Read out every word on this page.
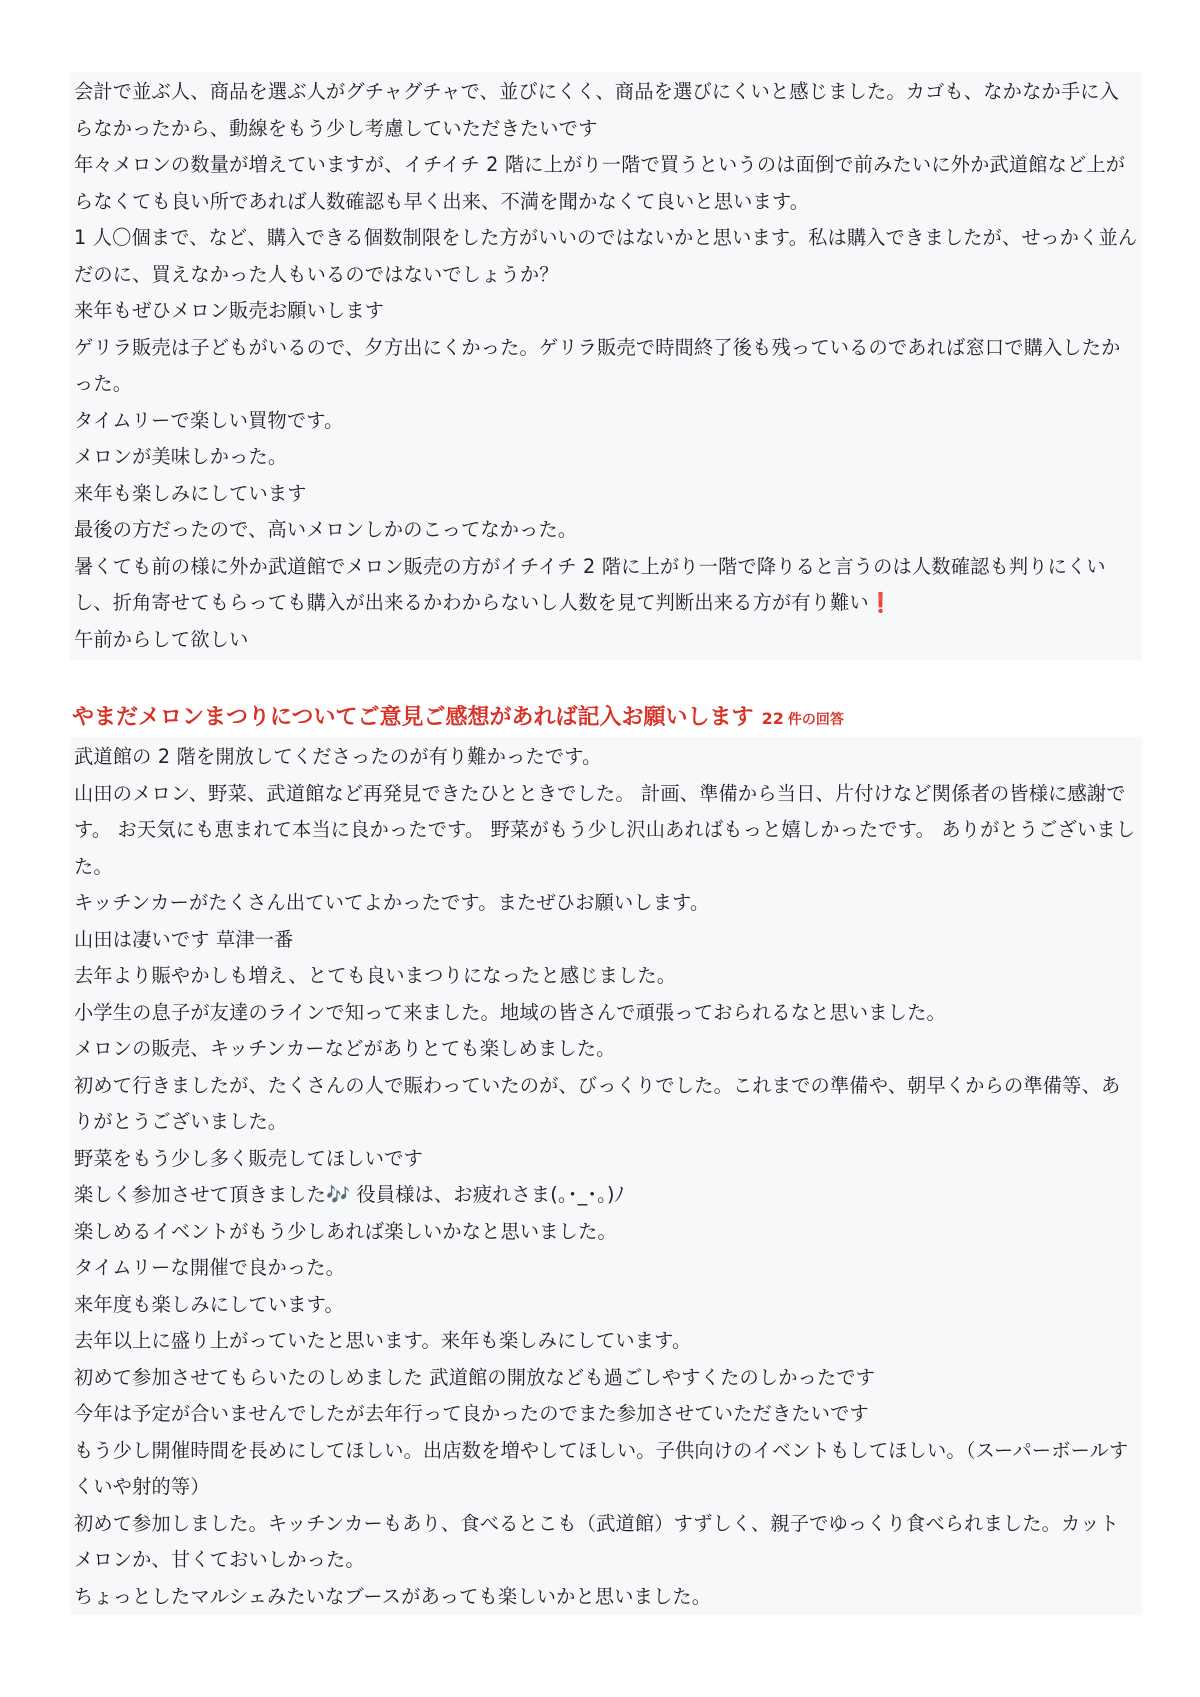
会計で並ぶ人、商品を選ぶ人がグチャグチャで、並びにくく、商品を選びにくいと感じました。カゴも、なかなか手に入らなかったから、動線をもう少し考慮していただきたいです

年々メロンの数量が増えていますが、イチイチ 2 階に上がり一階で買うというのは面倒で前みたいに外か武道館など上がらなくても良い所であれば人数確認も早く出来、不満を聞かなくて良いと思います。

1 人〇個まで、など、購入できる個数制限をした方がいいのではないかと思います。私は購入できましたが、せっかく並んだのに、買えなかった人もいるのではないでしょうか？

来年もぜひメロン販売お願いします

ゲリラ販売は子どもがいるので、夕方出にくかった。ゲリラ販売で時間終了後も残っているのであれば窓口で購入したかった。

タイムリーで楽しい買物です。

メロンが美味しかった。

来年も楽しみにしています

最後の方だったので、高いメロンしかのこってなかった。

暑くても前の様に外か武道館でメロン販売の方がイチイチ 2 階に上がり一階で降りると言うのは人数確認も判りにくいし、折角寄せてもらっても購入が出来るかわからないし人数を見て判断出来る方が有り難い❗

午前からして欲しい

やまだメロンまつりについてご意見ご感想があれば記入お願いします 22 件の回答

武道館の 2 階を開放してくださったのが有り難かったです。

山田のメロン、野菜、武道館など再発見できたひとときでした。 計画、準備から当日、片付けなど関係者の皆様に感謝です。 お天気にも恵まれて本当に良かったです。 野菜がもう少し沢山あればもっと嬉しかったです。 ありがとうございました。

キッチンカーがたくさん出ていてよかったです。またぜひお願いします。

山田は凄いです 草津一番

去年より賑やかしも増え、とても良いまつりになったと感じました。

小学生の息子が友達のラインで知って来ました。地域の皆さんで頑張っておられるなと思いました。

メロンの販売、キッチンカーなどがありとても楽しめました。

初めて行きましたが、たくさんの人で賑わっていたのが、びっくりでした。これまでの準備や、朝早くからの準備等、ありがとうございました。

野菜をもう少し多く販売してほしいです

楽しく参加させて頂きました🎶 役員様は、お疲れさま(｡･_･｡)ﾉ

楽しめるイベントがもう少しあれば楽しいかなと思いました。

タイムリーな開催で良かった。

来年度も楽しみにしています。

去年以上に盛り上がっていたと思います。来年も楽しみにしています。

初めて参加させてもらいたのしめました 武道館の開放なども過ごしやすくたのしかったです

今年は予定が合いませんでしたが去年行って良かったのでまた参加させていただきたいです

もう少し開催時間を長めにしてほしい。出店数を増やしてほしい。子供向けのイベントもしてほしい。（スーパーボールすくいや射的等）

初めて参加しました。キッチンカーもあり、食べるとこも（武道館）すずしく、親子でゆっくり食べられました。カットメロンか、甘くておいしかった。

ちょっとしたマルシェみたいなブースがあっても楽しいかと思いました。
